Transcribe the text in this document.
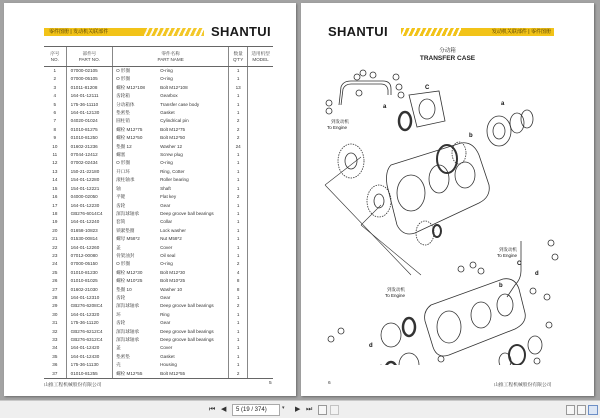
零件图册 | 发动机关联部件	SHANTUI
序号
NO.	部件号
PART NO.	零件名称
PART NAME		数量
Q'TY	适用机型
MODEL
1	07000-02105	O 形圈	O-ring	1	
2	07000-05105	O 形圈	O-ring	1	
3	01011-81208	螺栓 M12*108	Bolt M12*108	13	
4	164-01-12111	齿轮箱	Gearbox	1	
5	175-36-11110	分动箱体	Transfer case body	1	
6	164-01-12130	垫密垫	Gasket	1	
7	04020-01024	圆柱销	Cylindrical pin	2	
8	01010-81275	螺栓 M12*75	Bolt M12*75	2	
9	01010-81250	螺栓 M12*50	Bolt M12*50	2	
10	01602-21236	垫圈 12	Washer 12	24	
11	07044-12412	螺塞	Screw plug	1	
12	07002-02434	O 形圈	O-ring	1	
13	150-21-22180	开口环	Ring, Cotter	1	
14	154-01-12280	滚柱轴承	Roller bearing	1	
15	154-01-12221	轴	Shaft	1	
16	04000-02050	平键	Flat key	2	
17	164-01-12230	齿轮	Gear	1	
18	GB276-6014C4	深沟球轴承	Deep groove ball bearings	1	
19	164-01-12240	套筒	Collar	1	
20	01658-10823	锁紧垫圈	Lock washer	1	
21	01530-00814	螺母 M58*2	Nut M58*2	1	
22	164-01-12260	盖	Cover	1	
23	07012-00080	骨架油封	Oil seal	1	
24	07000-05150	O 形圈	O-ring	2	
25	01010-81230	螺栓 M12*30	Bolt M12*30	4	
26	01010-81025	螺栓 M10*25	Bolt M10*25	8	
27	01602-21030	垫圈 10	Washer 10	8	
28	164-01-12310	齿轮	Gear	1	
29	GB276-6208C4	深沟球轴承	Deep groove ball bearings	2	
30	164-01-12320	环	Ring	1	
31	175-36-11120	齿轮	Gear	1	
32	GB276-6212C4	深沟球轴承	Deep groove ball bearings	1	
33	GB276-6312C4	深沟球轴承	Deep groove ball bearings	1	
34	164-01-12420	盖	Cover	1	
35	164-01-12430	垫密垫	Gasket	1	
36	175-36-11130	壳	Housing	1	
37	01010-81255	螺栓 M12*55	Bolt M12*55	2	
山推工程机械股份有限公司	5
SHANTUI	发动机关联部件 | 零件图册
分动箱
TRANSFER CASE
a
到发动机
To Engine
C
a
b
到发动机
To Engine
C
d
b
到发动机
To Engine
d
6	山推工程机械股份有限公司
⏮ ◀	5 (19 / 374)	▾ ▶ ⏭
